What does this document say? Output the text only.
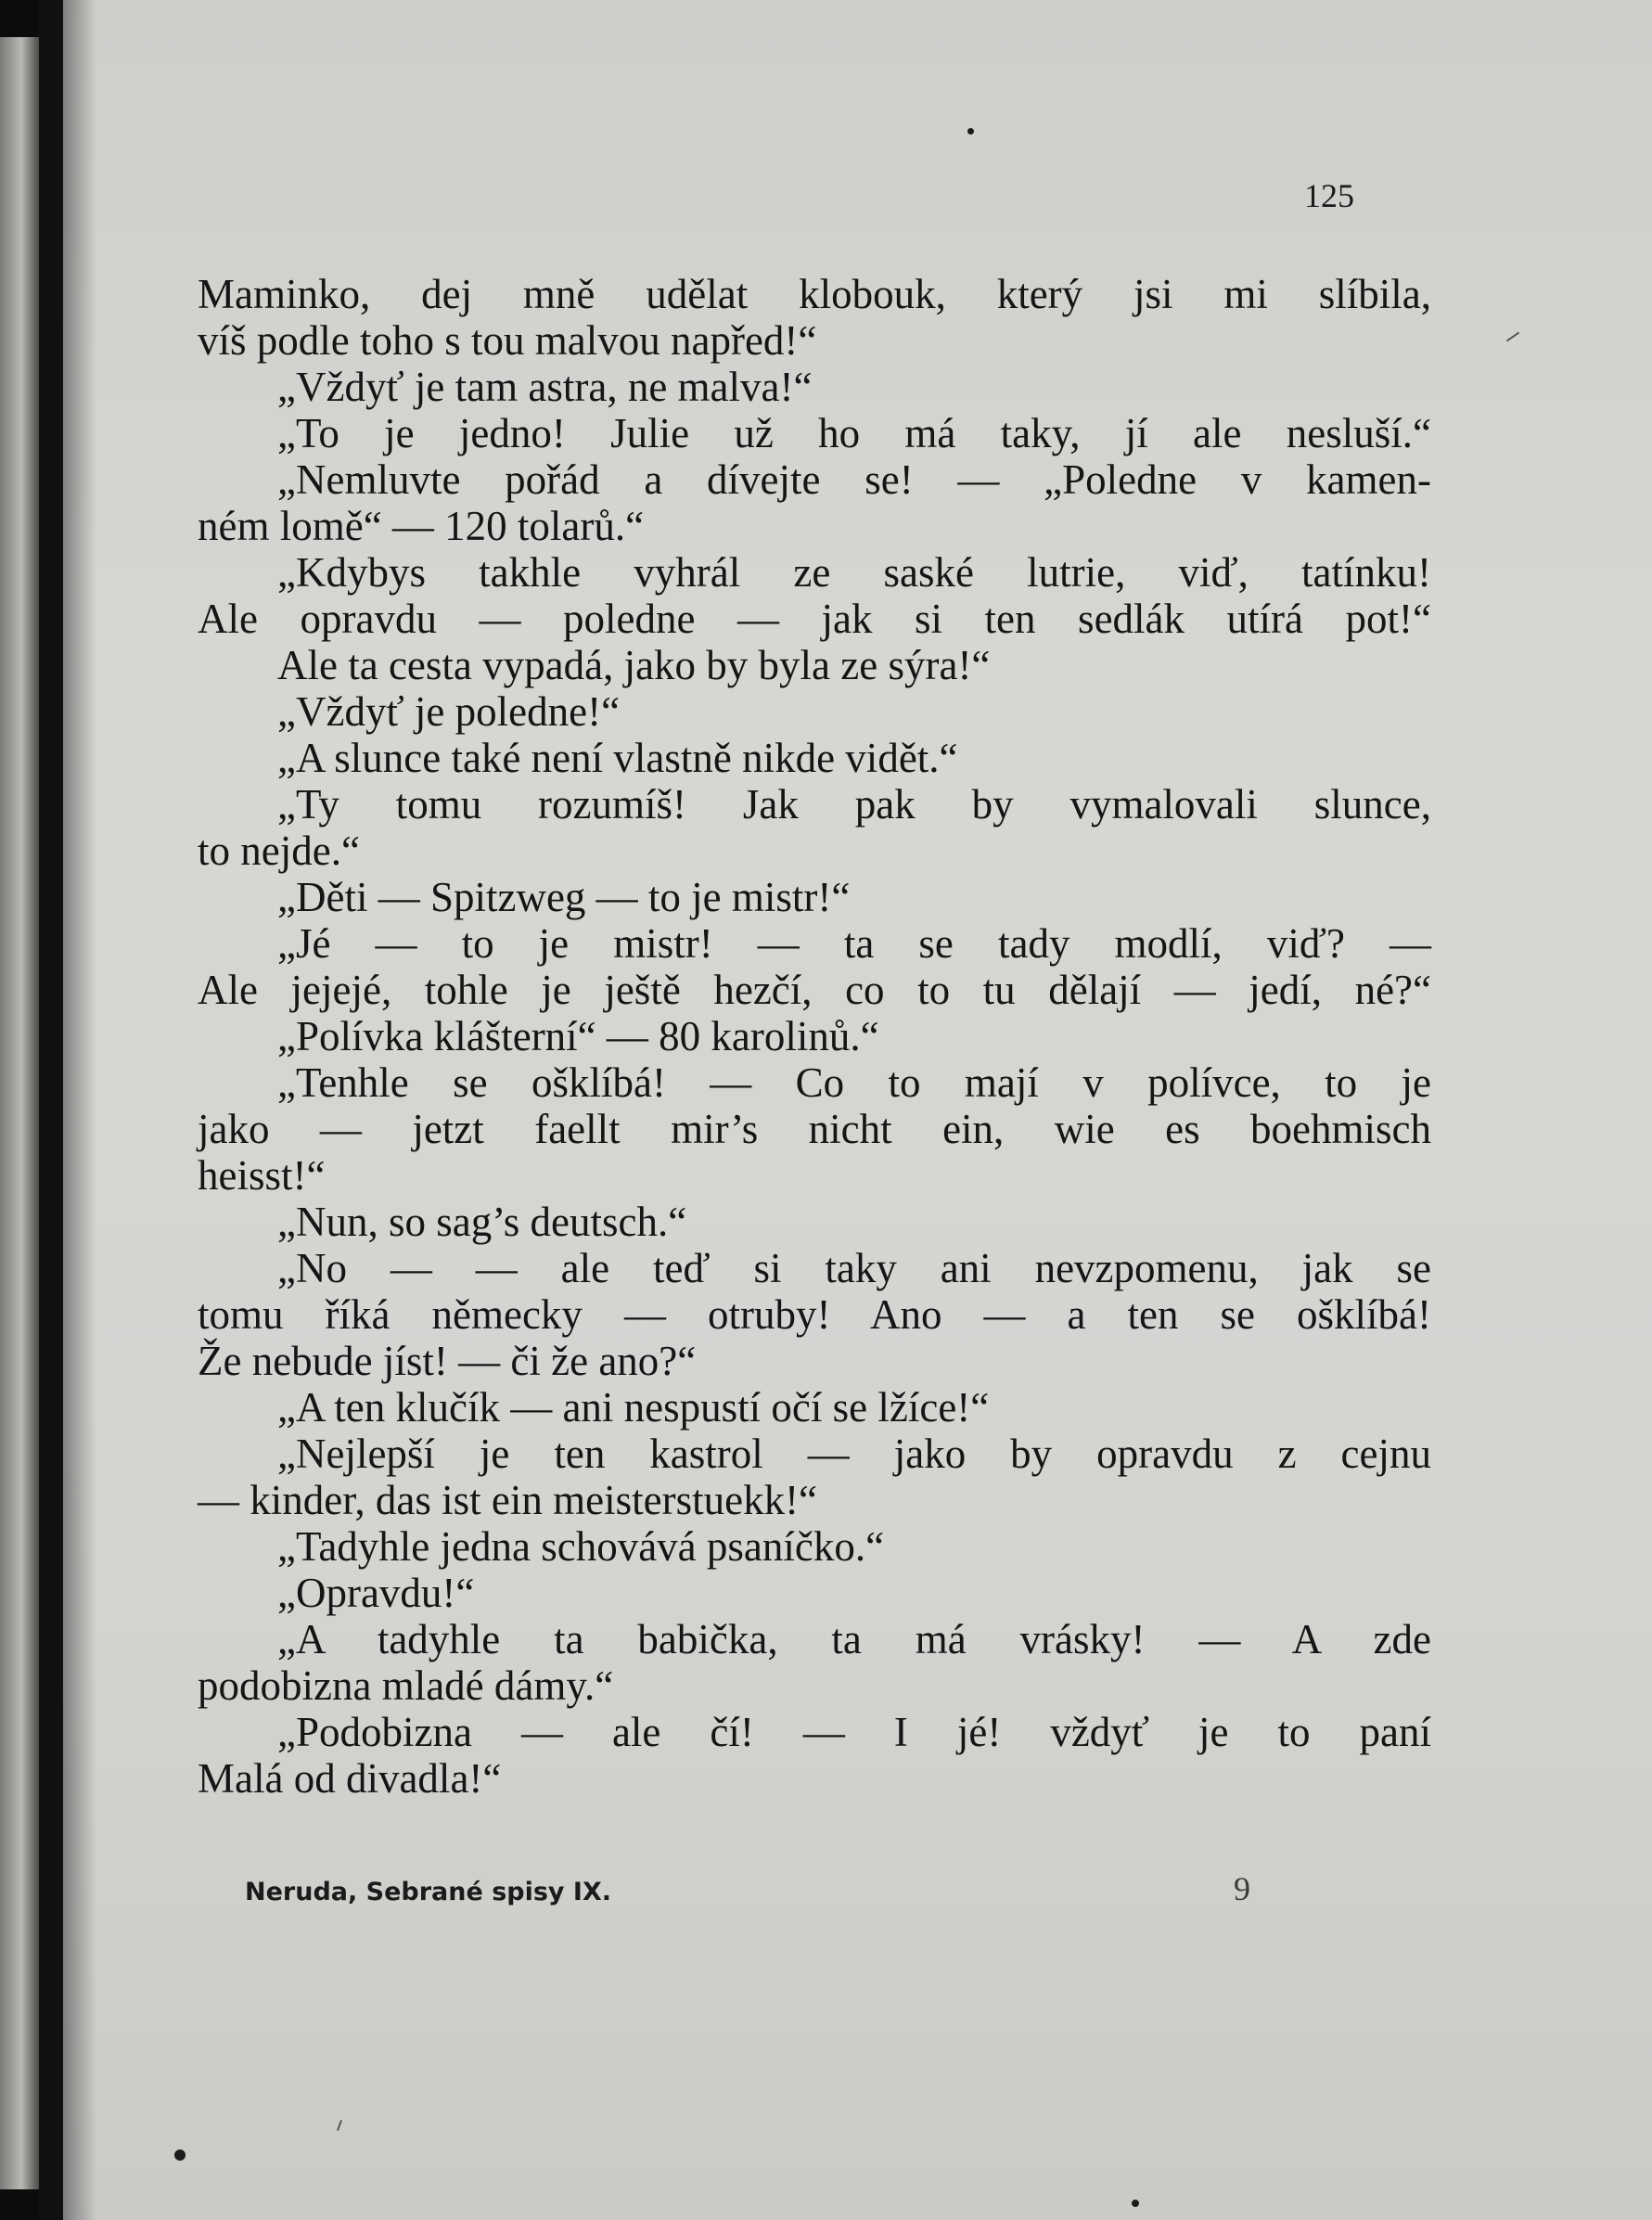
125
Maminko, dej mně udělat klobouk, který jsi mi slíbila,
víš podle toho s tou malvou napřed!“
„Vždyť je tam astra, ne malva!“
„To je jedno! Julie už ho má taky, jí ale nesluší.“
„Nemluvte pořád a dívejte se! — „Poledne v kamen-
ném lomě“ — 120 tolarů.“
„Kdybys takhle vyhrál ze saské lutrie, viď, tatínku!
Ale opravdu — poledne — jak si ten sedlák utírá pot!“
Ale ta cesta vypadá, jako by byla ze sýra!“
„Vždyť je poledne!“
„A slunce také není vlastně nikde vidět.“
„Ty tomu rozumíš! Jak pak by vymalovali slunce,
to nejde.“
„Děti — Spitzweg — to je mistr!“
„Jé — to je mistr! — ta se tady modlí, viď? —
Ale jejejé, tohle je ještě hezčí, co to tu dělají — jedí, né?“
„Polívka klášterní“ — 80 karolinů.“
„Tenhle se ošklíbá! — Co to mají v polívce, to je
jako — jetzt faellt mir’s nicht ein, wie es boehmisch
heisst!“
„Nun, so sag’s deutsch.“
„No — — ale teď si taky ani nevzpomenu, jak se
tomu říká německy — otruby! Ano — a ten se ošklíbá!
Že nebude jíst! — či že ano?“
„A ten klučík — ani nespustí očí se lžíce!“
„Nejlepší je ten kastrol — jako by opravdu z cejnu
— kinder, das ist ein meisterstuekk!“
„Tadyhle jedna schovává psaníčko.“
„Opravdu!“
„A tadyhle ta babička, ta má vrásky! — A zde
podobizna mladé dámy.“
„Podobizna — ale čí! — I jé! vždyť je to paní
Malá od divadla!“
Neruda, Sebrané spisy IX.	9
